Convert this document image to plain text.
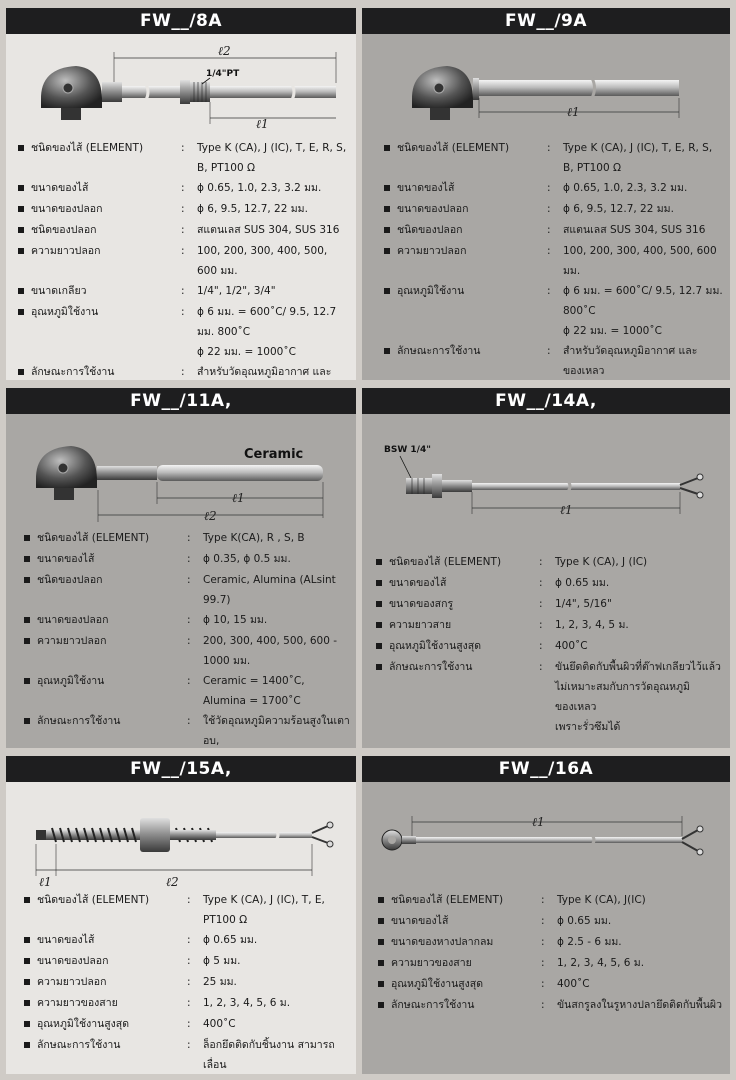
FW__/8A
ℓ2
1/4"PT
ℓ1
ชนิดของไส้ (ELEMENT)	:	Type K (CA), J (IC), T, E, R, S, B, PT100 Ω
ขนาดของไส้	:	ϕ 0.65, 1.0, 2.3, 3.2 มม.
ขนาดของปลอก	:	ϕ 6, 9.5, 12.7, 22 มม.
ชนิดของปลอก	:	สแตนเลส SUS 304, SUS 316
ความยาวปลอก	:	100, 200, 300, 400, 500, 600 มม.
ขนาดเกลียว	:	1/4", 1/2", 3/4"
อุณหภูมิใช้งาน	:	ϕ 6 มม. = 600˚C/ 9.5, 12.7 มม. 800˚C
ϕ 22 มม. = 1000˚C
ลักษณะการใช้งาน	:	สำหรับวัดอุณหภูมิอากาศ และ
FW__/9A
ℓ1
ชนิดของไส้ (ELEMENT)	:	Type K (CA), J (IC), T, E, R, S, B, PT100 Ω
ขนาดของไส้	:	ϕ 0.65, 1.0, 2.3, 3.2 มม.
ขนาดของปลอก	:	ϕ 6, 9.5, 12.7, 22 มม.
ชนิดของปลอก	:	สแตนเลส SUS 304, SUS 316
ความยาวปลอก	:	100, 200, 300, 400, 500, 600 มม.
อุณหภูมิใช้งาน	:	ϕ 6 มม. = 600˚C/ 9.5, 12.7 มม. 800˚C
ϕ 22 มม. = 1000˚C
ลักษณะการใช้งาน	:	สำหรับวัดอุณหภูมิอากาศ และของเหลว
FW__/11A,
Ceramic
ℓ1
ℓ2
ชนิดของไส้ (ELEMENT)	:	Type K(CA), R , S, B
ขนาดของไส้	:	ϕ 0.35, ϕ 0.5 มม.
ชนิดของปลอก	:	Ceramic, Alumina (ALsint 99.7)
ขนาดของปลอก	:	ϕ 10, 15 มม.
ความยาวปลอก	:	200, 300, 400, 500, 600 - 1000 มม.
อุณหภูมิใช้งาน	:	Ceramic = 1400˚C, Alumina = 1700˚C
ลักษณะการใช้งาน	:	ใช้วัดอุณหภูมิความร้อนสูงในเตาอบ,
FW__/14A,
BSW 1/4"
ℓ1
ชนิดของไส้ (ELEMENT)	:	Type K (CA), J (IC)
ขนาดของไส้	:	ϕ 0.65 มม.
ขนาดของสกรู	:	1/4", 5/16"
ความยาวสาย	:	1, 2, 3, 4, 5 ม.
อุณหภูมิใช้งานสูงสุด	:	400˚C
ลักษณะการใช้งาน	:	ขันยึดติดกับพื้นผิวที่ต๊าฟเกลียวไว้แล้ว
ไม่เหมาะสมกับการวัดอุณหภูมิของเหลว
เพราะรั่วซึมได้
FW__/15A,
ℓ1	ℓ2
ชนิดของไส้ (ELEMENT)	:	Type K (CA), J (IC), T, E, PT100 Ω
ขนาดของไส้	:	ϕ 0.65 มม.
ขนาดของปลอก	:	ϕ 5 มม.
ความยาวปลอก	:	25 มม.
ความยาวของสาย	:	1, 2, 3, 4, 5, 6 ม.
อุณหภูมิใช้งานสูงสุด	:	400˚C
ลักษณะการใช้งาน	:	ล็อกยึดติดกับชิ้นงาน สามารถเลื่อน
FW__/16A
ℓ1
ชนิดของไส้ (ELEMENT)	:	Type K (CA), J(IC)
ขนาดของไส้	:	ϕ 0.65 มม.
ขนาดของหางปลากลม	:	ϕ 2.5 - 6 มม.
ความยาวของสาย	:	1, 2, 3, 4, 5, 6 ม.
อุณหภูมิใช้งานสูงสุด	:	400˚C
ลักษณะการใช้งาน	:	ขันสกรูลงในรูหางปลายึดติดกับพื้นผิว
